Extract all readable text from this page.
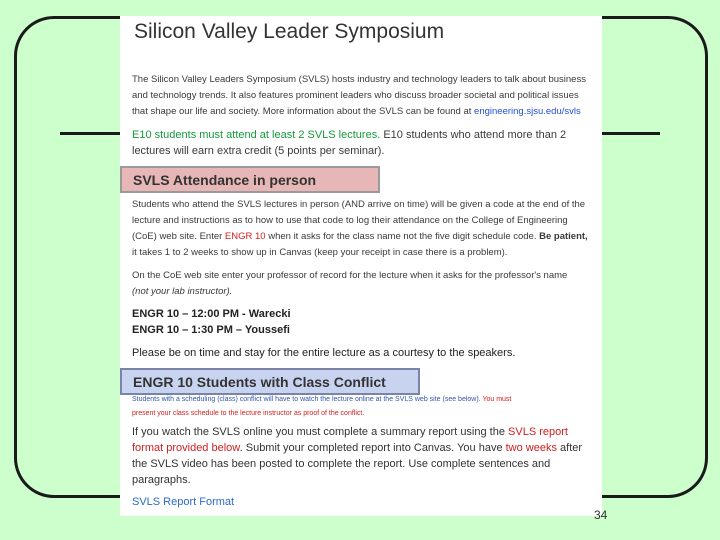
Silicon Valley Leader Symposium
The Silicon Valley Leaders Symposium (SVLS) hosts industry and technology leaders to talk about business
and technology trends. It also features prominent leaders who discuss broader societal and political issues
that shape our life and society. More information about the SVLS can be found at engineering.sjsu.edu/svls
E10 students must attend at least 2 SVLS lectures. E10 students who attend more than 2
lectures will earn extra credit (5 points per seminar).
SVLS Attendance in person
Students who attend the SVLS lectures in person (AND arrive on time) will be given a code at the end of the
lecture and instructions as to how to use that code to log their attendance on the College of Engineering
(CoE) web site. Enter ENGR 10 when it asks for the class name not the five digit schedule code. Be patient,
it takes 1 to 2 weeks to show up in Canvas (keep your receipt in case there is a problem).
On the CoE web site enter your professor of record for the lecture when it asks for the professor's name
(not your lab instructor).
ENGR 10 – 12:00 PM - Warecki
ENGR 10 – 1:30 PM – Youssefi
Please be on time and stay for the entire lecture as a courtesy to the speakers.
ENGR 10 Students with Class Conflict
Students with a scheduling (class) conflict will have to watch the lecture online at the SVLS web site (see below). You must
present your class schedule to the lecture instructor as proof of the conflict.
If you watch the SVLS online you must complete a summary report using the SVLS report
format provided below. Submit your completed report into Canvas. You have two weeks after
the SVLS video has been posted to complete the report. Use complete sentences and
paragraphs.
SVLS Report Format
34
